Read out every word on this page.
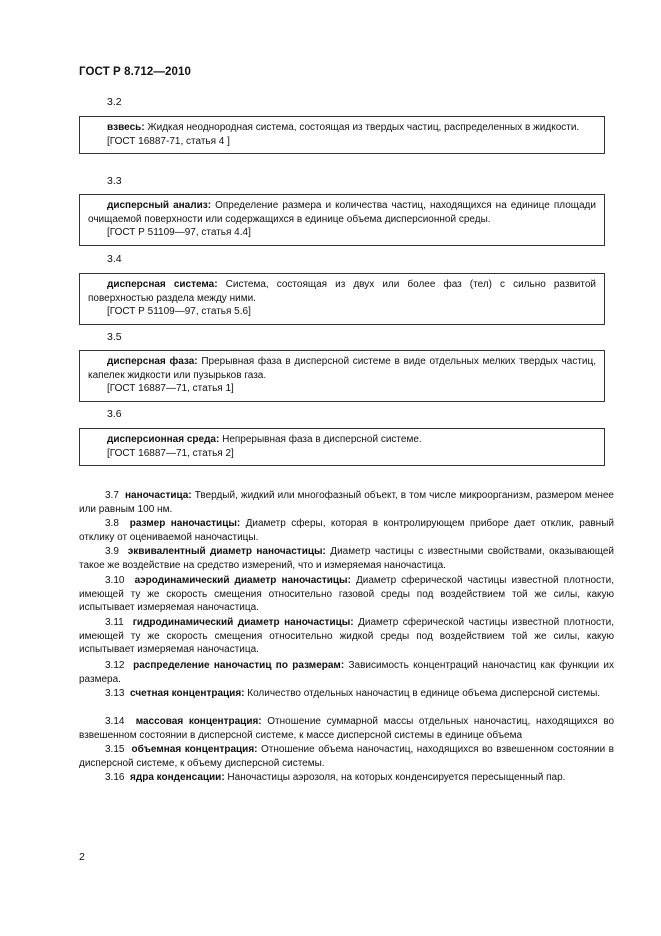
ГОСТ Р 8.712—2010
3.2

взвесь: Жидкая неоднородная система, состоящая из твердых частиц, распределенных в жидкости.

[ГОСТ 16887-71, статья 4 ]

3.3

дисперсный анализ: Определение размера и количества частиц, находящихся на единице площади очищаемой поверхности или содержащихся в единице объема дисперсионной среды.

[ГОСТ Р 51109—97, статья 4.4]

3.4

дисперсная система: Система, состоящая из двух или более фаз (тел) с сильно развитой поверхностью раздела между ними.

[ГОСТ Р 51109—97, статья 5.6]

3.5

дисперсная фаза: Прерывная фаза в дисперсной системе в виде отдельных мелких твердых частиц, капелек жидкости или пузырьков газа.

[ГОСТ 16887—71, статья 1]

3.6

дисперсионная среда: Непрерывная фаза в дисперсной системе.

[ГОСТ 16887—71, статья 2]

3.7 наночастица: Твердый, жидкий или многофазный объект, в том числе микроорганизм, размером менее или равным 100 нм.

3.8 размер наночастицы: Диаметр сферы, которая в контролирующем приборе дает отклик, равный отклику от оцениваемой наночастицы.

3.9 эквивалентный диаметр наночастицы: Диаметр частицы с известными свойствами, оказывающей такое же воздействие на средство измерений, что и измеряемая наночастица.

3.10 аэродинамический диаметр наночастицы: Диаметр сферической частицы известной плотности, имеющей ту же скорость смещения относительно газовой среды под воздействием той же силы, какую испытывает измеряемая наночастица.

3.11 гидродинамический диаметр наночастицы: Диаметр сферической частицы известной плотности, имеющей ту же скорость смещения относительно жидкой среды под воздействием той же силы, какую испытывает измеряемая наночастица.

3.12 распределение наночастиц по размерам: Зависимость концентраций наночастиц как функции их размера.

3.13 счетная концентрация: Количество отдельных наночастиц в единице объема дисперсной системы.

3.14 массовая концентрация: Отношение суммарной массы отдельных наночастиц, находящихся во взвешенном состоянии в дисперсной системе, к массе дисперсной системы в единице объема

3.15 объемная концентрация: Отношение объема наночастиц, находящихся во взвешенном состоянии в дисперсной системе, к объему дисперсной системы.

3.16 ядра конденсации: Наночастицы аэрозоля, на которых конденсируется пересыщенный пар.

2
